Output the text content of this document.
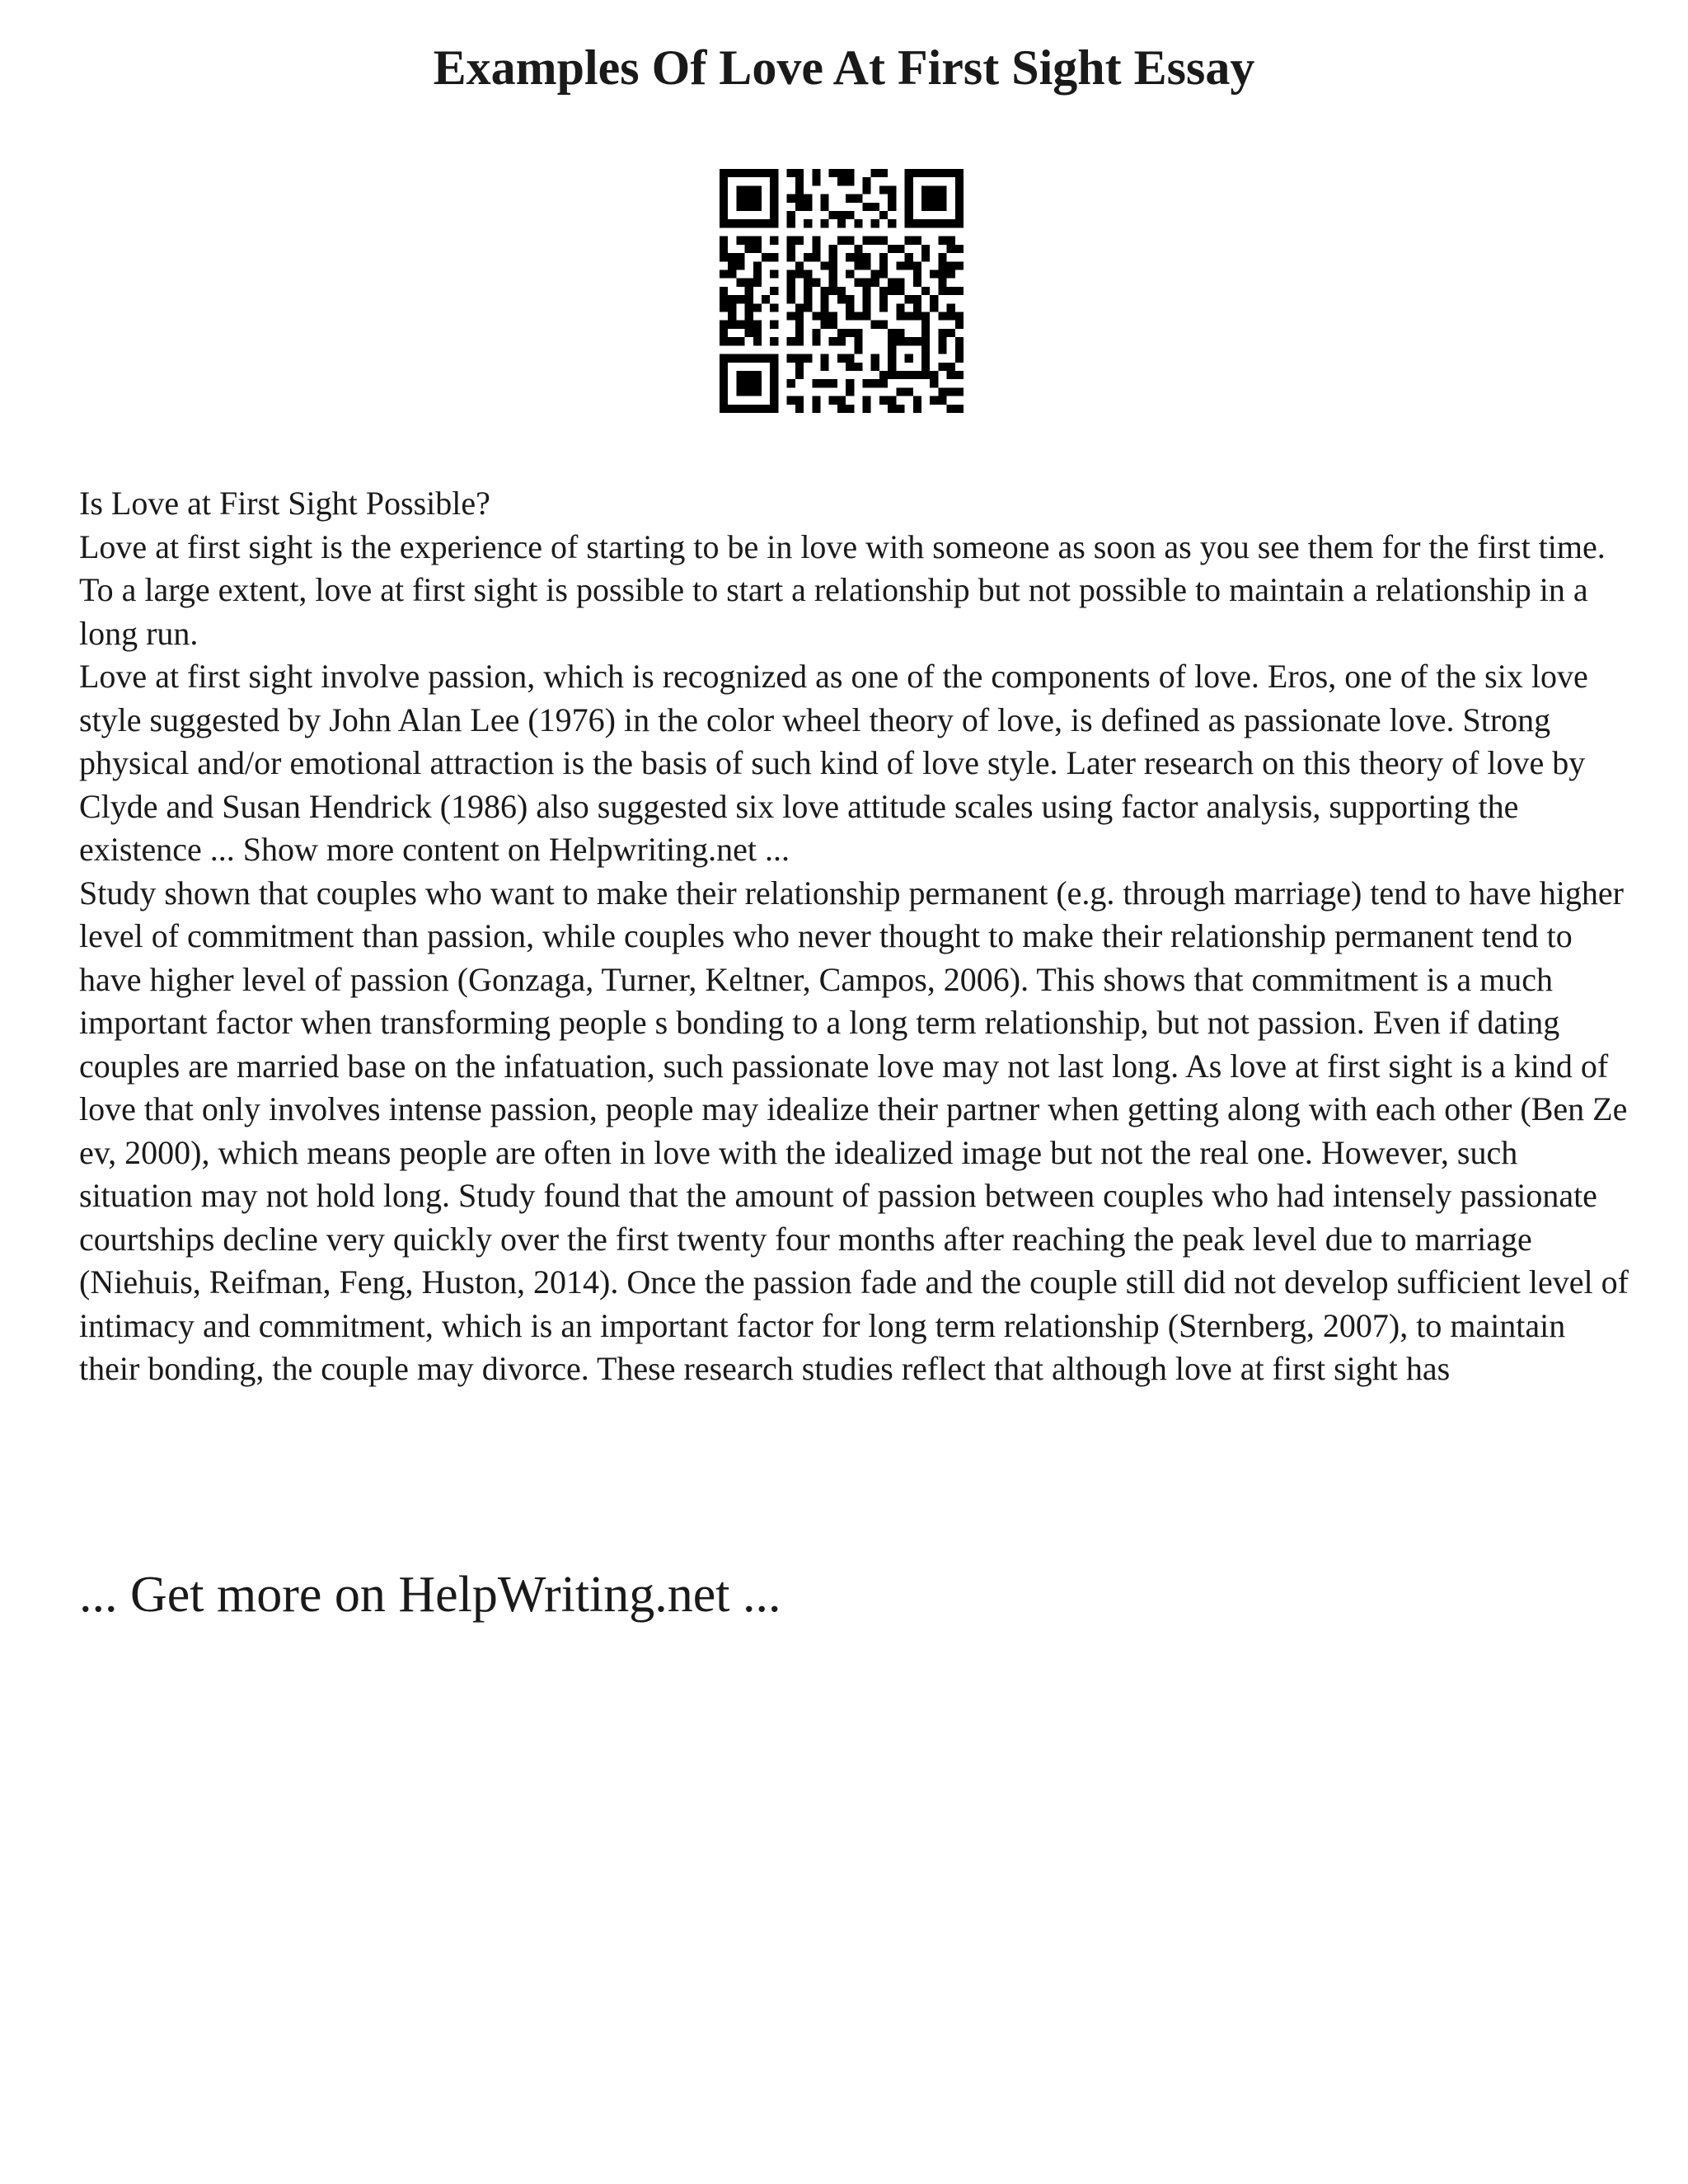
Examples Of Love At First Sight Essay

Is Love at First Sight Possible?

Love at first sight is the experience of starting to be in love with someone as soon as you see them for the first time. To a large extent, love at first sight is possible to start a relationship but not possible to maintain a relationship in a long run.

Love at first sight involve passion, which is recognized as one of the components of love. Eros, one of the six love style suggested by John Alan Lee (1976) in the color wheel theory of love, is defined as passionate love. Strong physical and/or emotional attraction is the basis of such kind of love style. Later research on this theory of love by Clyde and Susan Hendrick (1986) also suggested six love attitude scales using factor analysis, supporting the existence ... Show more content on Helpwriting.net ...

Study shown that couples who want to make their relationship permanent (e.g. through marriage) tend to have higher level of commitment than passion, while couples who never thought to make their relationship permanent tend to have higher level of passion (Gonzaga, Turner, Keltner, Campos, 2006). This shows that commitment is a much important factor when transforming people s bonding to a long term relationship, but not passion. Even if dating couples are married base on the infatuation, such passionate love may not last long. As love at first sight is a kind of love that only involves intense passion, people may idealize their partner when getting along with each other (Ben Ze ev, 2000), which means people are often in love with the idealized image but not the real one. However, such situation may not hold long. Study found that the amount of passion between couples who had intensely passionate courtships decline very quickly over the first twenty four months after reaching the peak level due to marriage (Niehuis, Reifman, Feng, Huston, 2014). Once the passion fade and the couple still did not develop sufficient level of intimacy and commitment, which is an important factor for long term relationship (Sternberg, 2007), to maintain their bonding, the couple may divorce. These research studies reflect that although love at first sight has

... Get more on HelpWriting.net ...
